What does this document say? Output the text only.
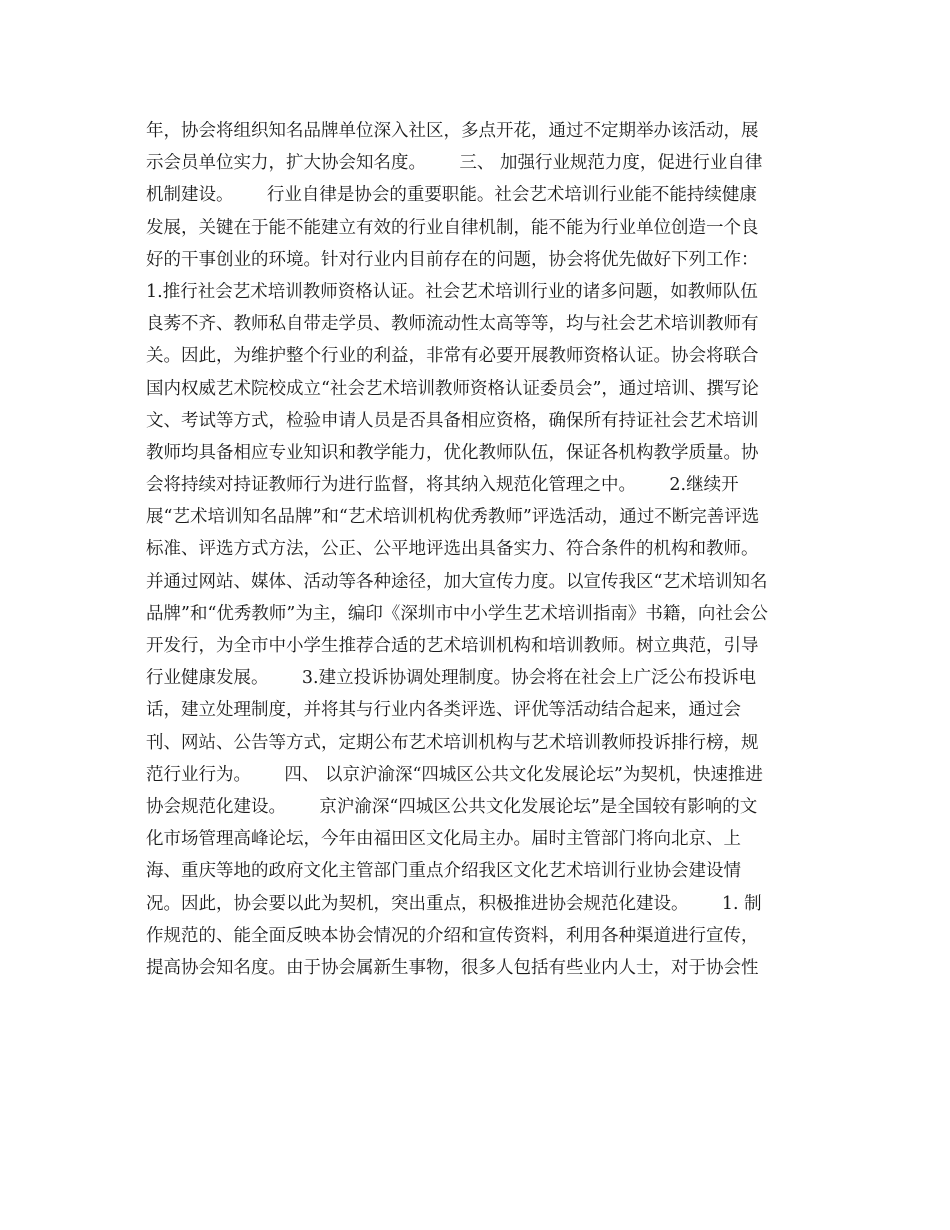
年，协会将组织知名品牌单位深入社区，多点开花，通过不定期举办该活动，展
示会员单位实力，扩大协会知名度。      三、 加强行业规范力度，促进行业自律
机制建设。      行业自律是协会的重要职能。社会艺术培训行业能不能持续健康
发展，关键在于能不能建立有效的行业自律机制，能不能为行业单位创造一个良
好的干事创业的环境。针对行业内目前存在的问题，协会将优先做好下列工作：
1.推行社会艺术培训教师资格认证。社会艺术培训行业的诸多问题，如教师队伍
良莠不齐、教师私自带走学员、教师流动性太高等等，均与社会艺术培训教师有
关。因此，为维护整个行业的利益，非常有必要开展教师资格认证。协会将联合
国内权威艺术院校成立“社会艺术培训教师资格认证委员会”，通过培训、撰写论
文、考试等方式，检验申请人员是否具备相应资格，确保所有持证社会艺术培训
教师均具备相应专业知识和教学能力，优化教师队伍，保证各机构教学质量。协
会将持续对持证教师行为进行监督，将其纳入规范化管理之中。      2.继续开
展“艺术培训知名品牌”和“艺术培训机构优秀教师”评选活动，通过不断完善评选
标准、评选方式方法，公正、公平地评选出具备实力、符合条件的机构和教师。
并通过网站、媒体、活动等各种途径，加大宣传力度。以宣传我区“艺术培训知名
品牌”和“优秀教师”为主，编印《深圳市中小学生艺术培训指南》书籍，向社会公
开发行，为全市中小学生推荐合适的艺术培训机构和培训教师。树立典范，引导
行业健康发展。      3.建立投诉协调处理制度。协会将在社会上广泛公布投诉电
话，建立处理制度，并将其与行业内各类评选、评优等活动结合起来，通过会
刊、网站、公告等方式，定期公布艺术培训机构与艺术培训教师投诉排行榜，规
范行业行为。      四、 以京沪渝深“四城区公共文化发展论坛”为契机，快速推进
协会规范化建设。      京沪渝深“四城区公共文化发展论坛”是全国较有影响的文
化市场管理高峰论坛，今年由福田区文化局主办。届时主管部门将向北京、上
海、重庆等地的政府文化主管部门重点介绍我区文化艺术培训行业协会建设情
况。因此，协会要以此为契机，突出重点，积极推进协会规范化建设。      1. 制
作规范的、能全面反映本协会情况的介绍和宣传资料，利用各种渠道进行宣传，
提高协会知名度。由于协会属新生事物，很多人包括有些业内人士，对于协会性
